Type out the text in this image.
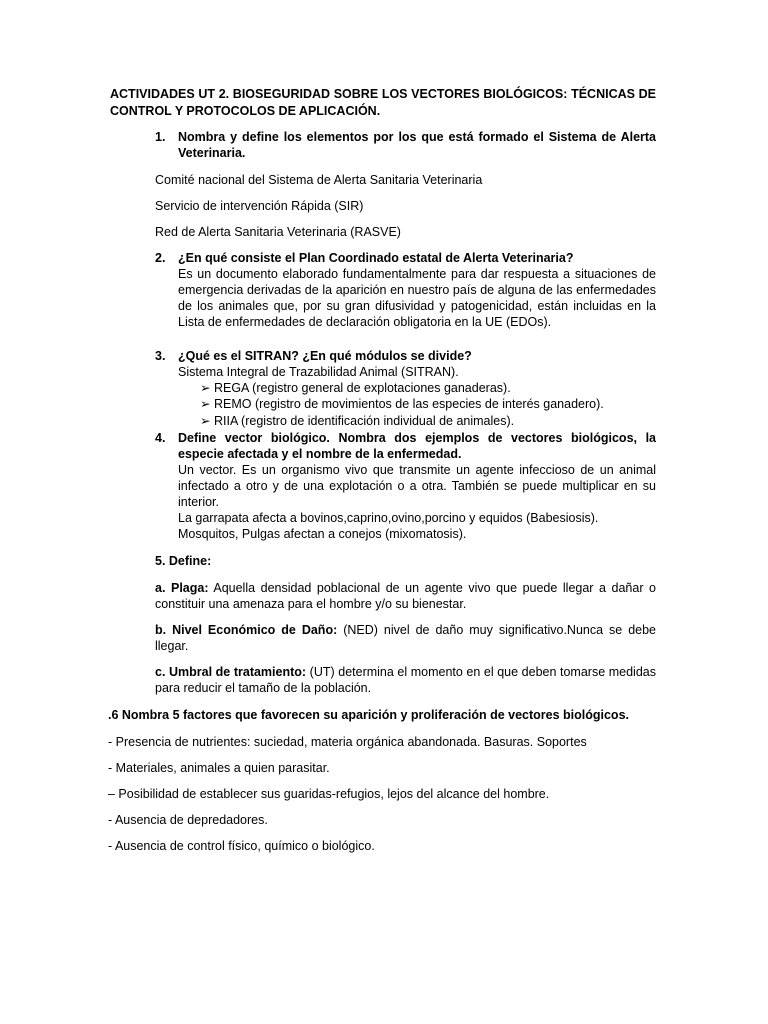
ACTIVIDADES UT 2. BIOSEGURIDAD SOBRE LOS VECTORES BIOLÓGICOS: TÉCNICAS DE CONTROL Y PROTOCOLOS DE APLICACIÓN.
1. Nombra y define los elementos por los que está formado el Sistema de Alerta Veterinaria.
Comité nacional del Sistema de Alerta Sanitaria Veterinaria
Servicio de intervención Rápida (SIR)
Red de Alerta Sanitaria Veterinaria (RASVE)
2. ¿En qué consiste el Plan Coordinado estatal de Alerta Veterinaria?
Es un documento elaborado fundamentalmente para dar respuesta a situaciones de emergencia derivadas de la aparición en nuestro país de alguna de las enfermedades de los animales que, por su gran difusividad y patogenicidad, están incluidas en la Lista de enfermedades de declaración obligatoria en la UE (EDOs).
3. ¿Qué es el SITRAN? ¿En qué módulos se divide?
Sistema Integral de Trazabilidad Animal (SITRAN).
➢ REGA (registro general de explotaciones ganaderas).
➢ REMO (registro de movimientos de las especies de interés ganadero).
➢ RIIA (registro de identificación individual de animales).
4. Define vector biológico. Nombra dos ejemplos de vectores biológicos, la especie afectada y el nombre de la enfermedad.
Un vector. Es un organismo vivo que transmite un agente infeccioso de un animal infectado a otro y de una explotación o a otra. También se puede multiplicar en su interior.
La garrapata afecta a bovinos,caprino,ovino,porcino y equidos (Babesiosis).
Mosquitos, Pulgas afectan a conejos (mixomatosis).
5. Define:
a. Plaga: Aquella densidad poblacional de un agente vivo que puede llegar a dañar o constituir una amenaza para el hombre y/o su bienestar.
b. Nivel Económico de Daño: (NED) nivel de daño muy significativo.Nunca se debe llegar.
c. Umbral de tratamiento: (UT) determina el momento en el que deben tomarse medidas para reducir el tamaño de la población.
.6 Nombra 5 factores que favorecen su aparición y proliferación de vectores biológicos.
- Presencia de nutrientes: suciedad, materia orgánica abandonada. Basuras. Soportes
- Materiales, animales a quien parasitar.
– Posibilidad de establecer sus guaridas-refugios, lejos del alcance del hombre.
- Ausencia de depredadores.
- Ausencia de control físico, químico o biológico.
